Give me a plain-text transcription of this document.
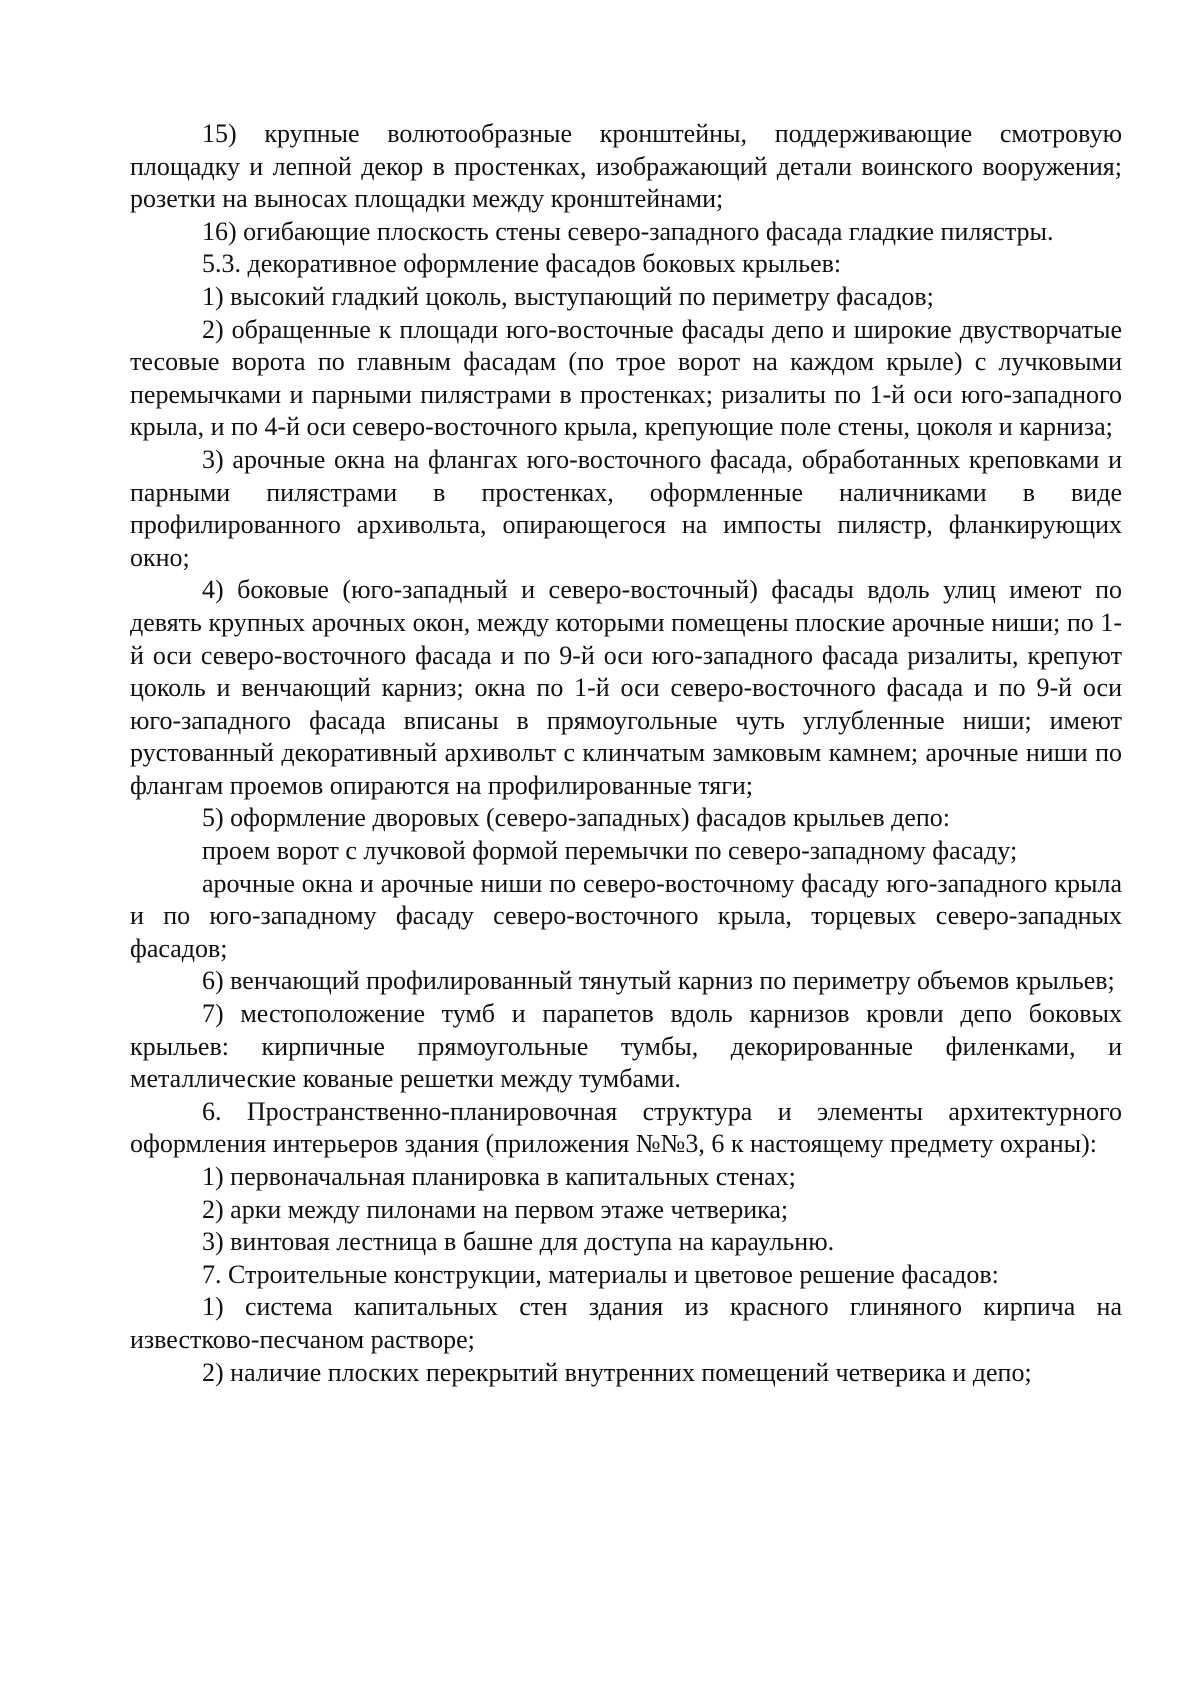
15) крупные волютообразные кронштейны, поддерживающие смотровую площадку и лепной декор в простенках, изображающий детали воинского вооружения; розетки на выносах площадки между кронштейнами;

16) огибающие плоскость стены северо-западного фасада гладкие пилястры.

5.3. декоративное оформление фасадов боковых крыльев:

1) высокий гладкий цоколь, выступающий по периметру фасадов;

2) обращенные к площади юго-восточные фасады депо и широкие двустворчатые тесовые ворота по главным фасадам (по трое ворот на каждом крыле) с лучковыми перемычками и парными пилястрами в простенках; ризалиты по 1-й оси юго-западного крыла, и по 4-й оси северо-восточного крыла, крепующие поле стены, цоколя и карниза;

3) арочные окна на флангах юго-восточного фасада, обработанных креповками и парными пилястрами в простенках, оформленные наличниками в виде профилированного архивольта, опирающегося на импосты пилястр, фланкирующих окно;

4) боковые (юго-западный и северо-восточный) фасады вдоль улиц имеют по девять крупных арочных окон, между которыми помещены плоские арочные ниши; по 1-й оси северо-восточного фасада и по 9-й оси юго-западного фасада ризалиты, крепуют цоколь и венчающий карниз; окна по 1-й оси северо-восточного фасада и по 9-й оси юго-западного фасада вписаны в прямоугольные чуть углубленные ниши; имеют рустованный декоративный архивольт с клинчатым замковым камнем; арочные ниши по флангам проемов опираются на профилированные тяги;

5) оформление дворовых (северо-западных) фасадов крыльев депо:

проем ворот с лучковой формой перемычки по северо-западному фасаду;

арочные окна и арочные ниши по северо-восточному фасаду юго-западного крыла и по юго-западному фасаду северо-восточного крыла, торцевых северо-западных фасадов;

6) венчающий профилированный тянутый карниз по периметру объемов крыльев;

7) местоположение тумб и парапетов вдоль карнизов кровли депо боковых крыльев: кирпичные прямоугольные тумбы, декорированные филенками, и металлические кованые решетки между тумбами.

6. Пространственно-планировочная структура и элементы архитектурного оформления интерьеров здания (приложения №№3, 6 к настоящему предмету охраны):

1) первоначальная планировка в капитальных стенах;

2) арки между пилонами на первом этаже четверика;

3) винтовая лестница в башне для доступа на караульню.

7. Строительные конструкции, материалы и цветовое решение фасадов:

1) система капитальных стен здания из красного глиняного кирпича на известково-песчаном растворе;

2) наличие плоских перекрытий внутренних помещений четверика и депо;
